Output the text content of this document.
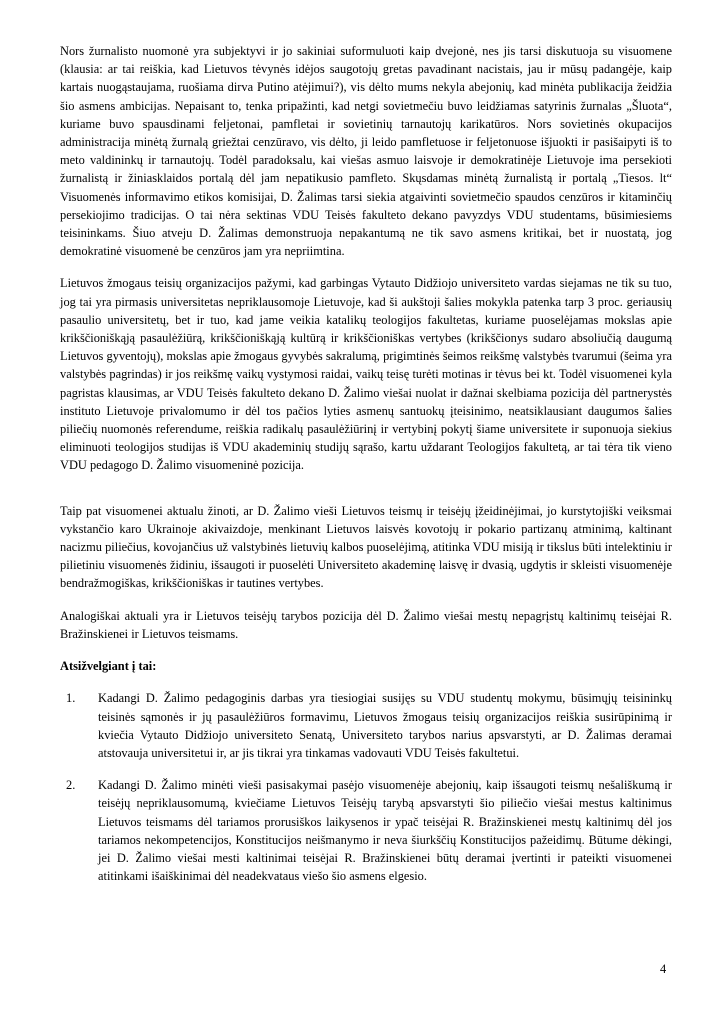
Nors žurnalisto nuomonė yra subjektyvi ir jo sakiniai suformuluoti kaip dvejonė, nes jis tarsi diskutuoja su visuomene (klausia: ar tai reiškia, kad Lietuvos tėvynės idėjos saugotojų gretas pavadinant nacistais, jau ir mūsų padangėje, kaip kartais nuogąstaujama, ruošiama dirva Putino atėjimui?), vis dėlto mums nekyla abejonių, kad minėta publikacija žeidžia šio asmens ambicijas. Nepaisant to, tenka pripažinti, kad netgi sovietmečiu buvo leidžiamas satyrinis žurnalas „Šluota“, kuriame buvo spausdinami feljetonai, pamfletai ir sovietinių tarnautojų karikatūros. Nors sovietinės okupacijos administracija minėtą žurnalą griežtai cenzūravo, vis dėlto, ji leido pamfletuose ir feljetonuose išjuokti ir pasišaipyti iš to meto valdininkų ir tarnautojų. Todėl paradoksalu, kai viešas asmuo laisvoje ir demokratinėje Lietuvoje ima persekioti žurnalistą ir žiniasklaidos portalą dėl jam nepatikusio pamfleto. Skųsdamas minėtą žurnalistą ir portalą „Tiesos. lt“ Visuomenės informavimo etikos komisijai, D. Žalimas tarsi siekia atgaivinti sovietmečio spaudos cenzūros ir kitaminčių persekiojimo tradicijas. O tai nėra sektinas VDU Teisės fakulteto dekano pavyzdys VDU studentams, būsimiesiems teisininkams. Šiuo atveju D. Žalimas demonstruoja nepakantumą ne tik savo asmens kritikai, bet ir nuostatą, jog demokratinė visuomenė be cenzūros jam yra nepriimtina.

Lietuvos žmogaus teisių organizacijos pažymi, kad garbingas Vytauto Didžiojo universiteto vardas siejamas ne tik su tuo, jog tai yra pirmasis universitetas nepriklausomoje Lietuvoje, kad ši aukštoji šalies mokykla patenka tarp 3 proc. geriausių pasaulio universitetų, bet ir tuo, kad jame veikia katalikų teologijos fakultetas, kuriame puoselėjamas mokslas apie krikščioniškąją pasaulėžiūrą, krikščioniškąją kultūrą ir krikščioniškas vertybes (krikščionys sudaro absoliučią daugumą Lietuvos gyventojų), mokslas apie žmogaus gyvybės sakralumą, prigimtinės šeimos reikšmę valstybės tvarumui (šeima yra valstybės pagrindas) ir jos reikšmę vaikų vystymosi raidai, vaikų teisę turėti motinas ir tėvus bei kt. Todėl visuomenei kyla pagristas klausimas, ar VDU Teisės fakulteto dekano D. Žalimo viešai nuolat ir dažnai skelbiama pozicija dėl partnerystės instituto Lietuvoje privalomumo ir dėl tos pačios lyties asmenų santuokų įteisinimo, neatsiklausiant daugumos šalies piliečių nuomonės referendume, reiškia radikalų pasaulėžiūrinį ir vertybinį pokytį šiame universitete ir suponuoja siekius eliminuoti teologijos studijas iš VDU akademinių studijų sąrašo, kartu uždarant Teologijos fakultetą, ar tai tėra tik vieno VDU pedagogo D. Žalimo visuomeninė pozicija.

Taip pat visuomenei aktualu žinoti, ar D. Žalimo vieši Lietuvos teismų ir teisėjų įžeidinėjimai, jo kurstytojiški veiksmai vykstančio karo Ukrainoje akivaizdoje, menkinant Lietuvos laisvės kovotojų ir pokario partizanų atminimą, kaltinant nacizmu piliečius, kovojančius už valstybinės lietuvių kalbos puoselėjimą, atitinka VDU misiją ir tikslus būti intelektiniu ir pilietiniu visuomenės židiniu, išsaugoti ir puoselėti Universiteto akademinę laisvę ir dvasią, ugdytis ir skleisti visuomenėje bendražmogiškas, krikščioniškas ir tautines vertybes.

Analogiškai aktuali yra ir Lietuvos teisėjų tarybos pozicija dėl D. Žalimo viešai mestų nepagrįstų kaltinimų teisėjai R. Bražinskienei ir Lietuvos teismams.

Atsižvelgiant į tai:

1. Kadangi D. Žalimo pedagoginis darbas yra tiesiogiai susijęs su VDU studentų mokymu, būsimųjų teisininkų teisinės sąmonės ir jų pasaulėžiūros formavimu, Lietuvos žmogaus teisių organizacijos reiškia susirūpinimą ir kviečia Vytauto Didžiojo universiteto Senatą, Universiteto tarybos narius apsvarstyti, ar D. Žalimas deramai atstovauja universitetui ir, ar jis tikrai yra tinkamas vadovauti VDU Teisės fakultetui.
2. Kadangi D. Žalimo minėti vieši pasisakymai pasėjo visuomenėje abejonių, kaip išsaugoti teismų nešališkumą ir teisėjų nepriklausomumą, kviečiame Lietuvos Teisėjų tarybą apsvarstyti šio piliečio viešai mestus kaltinimus Lietuvos teismams dėl tariamos prorusiškos laikysenos ir ypač teisėjai R. Bražinskienei mestų kaltinimų dėl jos tariamos nekompetencijos, Konstitucijos neišmanymo ir neva šiurkščių Konstitucijos pažeidimų. Būtume dėkingi, jei D. Žalimo viešai mesti kaltinimai teisėjai R. Bražinskienei būtų deramai įvertinti ir pateikti visuomenei atitinkami išaiškinimai dėl neadekvataus viešo šio asmens elgesio.
4
